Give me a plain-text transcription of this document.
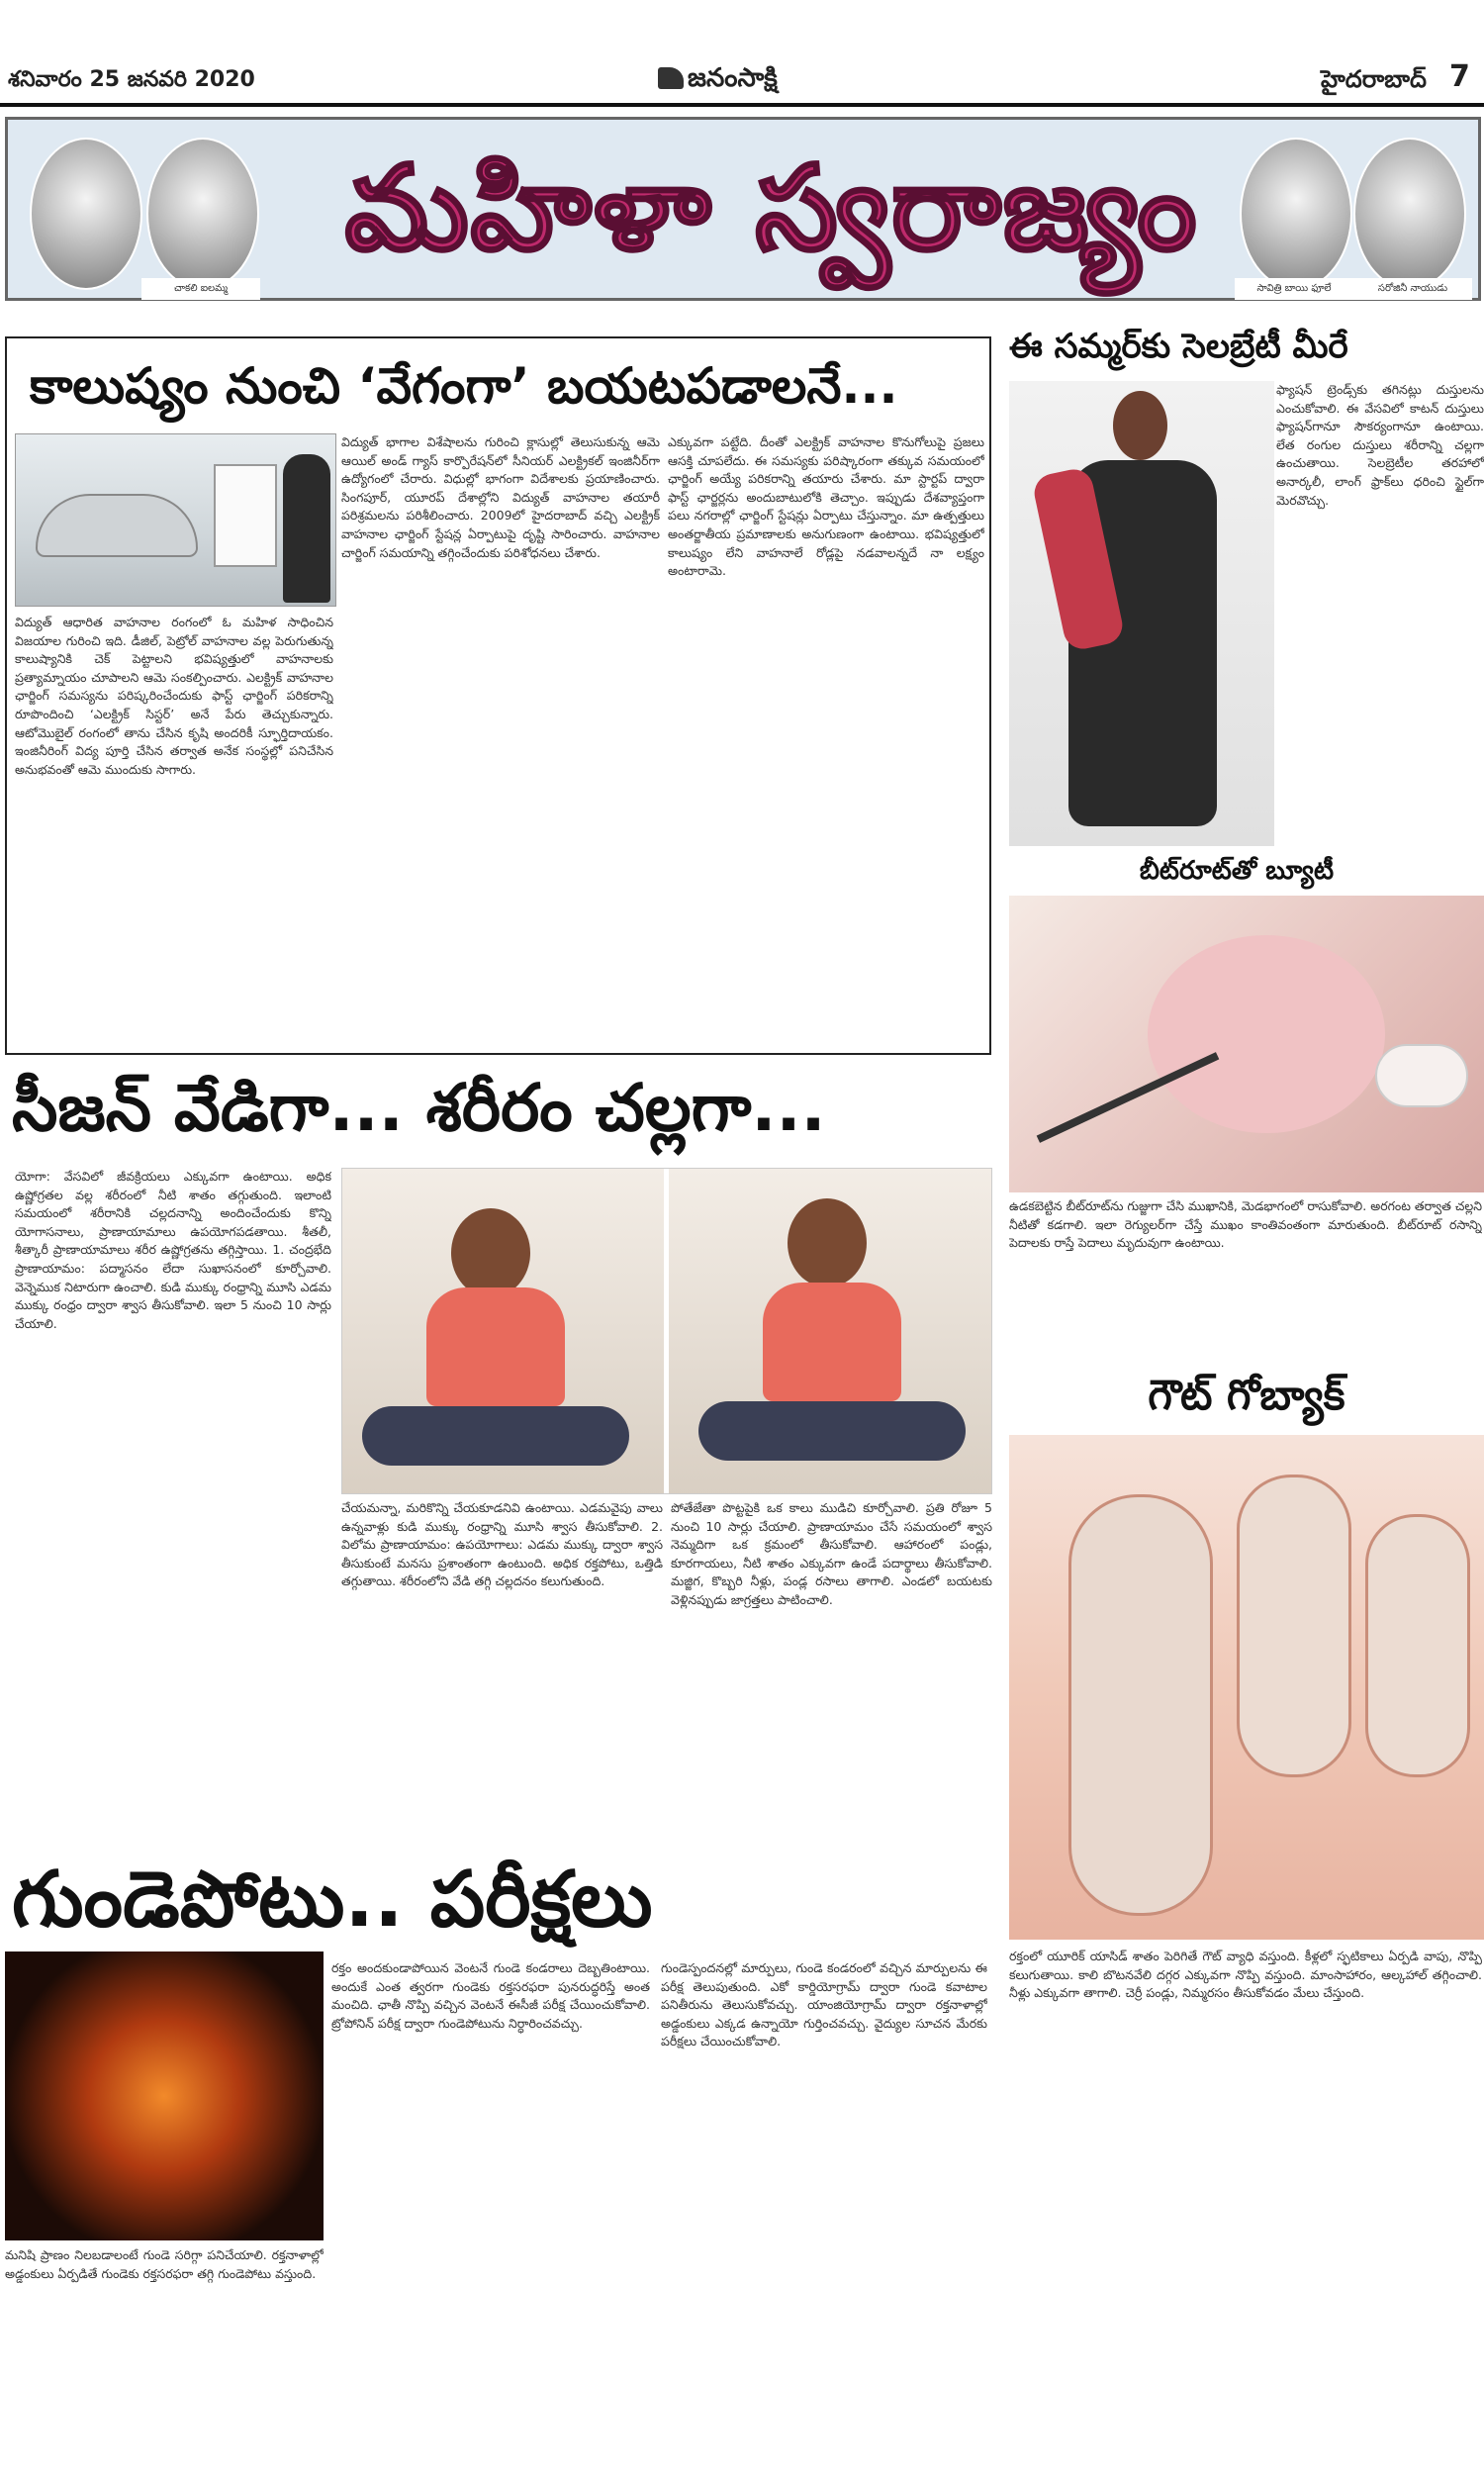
శనివారం 25 జనవరి 2020	జనంసాక్షి	హైదరాబాద్ 7
చాకలి ఐలమ్మ	సావిత్రి బాయి ఫూలే	సరోజినీ నాయుడు
మహిళా స్వరాజ్యం
కాలుష్యం నుంచి ‘వేగంగా’ బయటపడాలనే...
విద్యుత్ ఆధారిత వాహనాల రంగంలో ఓ మహిళ సాధించిన విజయాల గురించి ఇది. డీజిల్, పెట్రోల్ వాహనాల వల్ల పెరుగుతున్న కాలుష్యానికి చెక్ పెట్టాలని భవిష్యత్తులో వాహనాలకు ప్రత్యామ్నాయం చూపాలని ఆమె సంకల్పించారు. ఎలక్ట్రిక్ వాహనాల ఛార్జింగ్ సమస్యను పరిష్కరించేందుకు ఫాస్ట్ ఛార్జింగ్ పరికరాన్ని రూపొందించి ‘ఎలక్ట్రిక్ సిస్టర్’ అనే పేరు తెచ్చుకున్నారు. ఆటోమొబైల్ రంగంలో తాను చేసిన కృషి అందరికీ స్ఫూర్తిదాయకం. ఇంజినీరింగ్ విద్య పూర్తి చేసిన తర్వాత అనేక సంస్థల్లో పనిచేసిన అనుభవంతో ఆమె ముందుకు సాగారు.
విద్యుత్ భాగాల విశేషాలను గురించి క్లాసుల్లో తెలుసుకున్న ఆమె ఆయిల్ అండ్ గ్యాస్ కార్పొరేషన్‌లో సీనియర్ ఎలక్ట్రికల్ ఇంజినీర్‌గా ఉద్యోగంలో చేరారు. విధుల్లో భాగంగా విదేశాలకు ప్రయాణించారు. సింగపూర్, యూరప్ దేశాల్లోని విద్యుత్ వాహనాల తయారీ పరిశ్రమలను పరిశీలించారు. 2009లో హైదరాబాద్ వచ్చి ఎలక్ట్రిక్ వాహనాల ఛార్జింగ్ స్టేషన్ల ఏర్పాటుపై దృష్టి సారించారు. వాహనాల చార్జింగ్ సమయాన్ని తగ్గించేందుకు పరిశోధనలు చేశారు.
ఎక్కువగా పట్టేది. దీంతో ఎలక్ట్రిక్ వాహనాల కొనుగోలుపై ప్రజలు ఆసక్తి చూపలేదు. ఈ సమస్యకు పరిష్కారంగా తక్కువ సమయంలో ఛార్జింగ్ అయ్యే పరికరాన్ని తయారు చేశారు. మా స్టార్టప్ ద్వారా ఫాస్ట్ ఛార్జర్లను అందుబాటులోకి తెచ్చాం. ఇప్పుడు దేశవ్యాప్తంగా పలు నగరాల్లో ఛార్జింగ్ స్టేషన్లు ఏర్పాటు చేస్తున్నాం. మా ఉత్పత్తులు అంతర్జాతీయ ప్రమాణాలకు అనుగుణంగా ఉంటాయి. భవిష్యత్తులో కాలుష్యం లేని వాహనాలే రోడ్లపై నడవాలన్నదే నా లక్ష్యం అంటారామె.
సీజన్ వేడిగా... శరీరం చల్లగా...
యోగా: వేసవిలో జీవక్రియలు ఎక్కువగా ఉంటాయి. అధిక ఉష్ణోగ్రతల వల్ల శరీరంలో నీటి శాతం తగ్గుతుంది. ఇలాంటి సమయంలో శరీరానికి చల్లదనాన్ని అందించేందుకు కొన్ని యోగాసనాలు, ప్రాణాయామాలు ఉపయోగపడతాయి. శీతలీ, శీత్కారీ ప్రాణాయామాలు శరీర ఉష్ణోగ్రతను తగ్గిస్తాయి. 1. చంద్రభేది ప్రాణాయామం: పద్మాసనం లేదా సుఖాసనంలో కూర్చోవాలి. వెన్నెముక నిటారుగా ఉంచాలి. కుడి ముక్కు రంధ్రాన్ని మూసి ఎడమ ముక్కు రంధ్రం ద్వారా శ్వాస తీసుకోవాలి. ఇలా 5 నుంచి 10 సార్లు చేయాలి.
చేయమన్నా, మరికొన్ని చేయకూడనివి ఉంటాయి. ఎడమవైపు వాలు ఉన్నవాళ్లు కుడి ముక్కు రంధ్రాన్ని మూసి శ్వాస తీసుకోవాలి. 2. విలోమ ప్రాణాయామం: ఉపయోగాలు: ఎడమ ముక్కు ద్వారా శ్వాస తీసుకుంటే మనసు ప్రశాంతంగా ఉంటుంది. అధిక రక్తపోటు, ఒత్తిడి తగ్గుతాయి. శరీరంలోని వేడి తగ్గి చల్లదనం కలుగుతుంది.
పోతేజేతా పొట్టపైకి ఒక కాలు ముడిచి కూర్చోవాలి. ప్రతి రోజూ 5 నుంచి 10 సార్లు చేయాలి. ప్రాణాయామం చేసే సమయంలో శ్వాస నెమ్మదిగా ఒక క్రమంలో తీసుకోవాలి. ఆహారంలో పండ్లు, కూరగాయలు, నీటి శాతం ఎక్కువగా ఉండే పదార్థాలు తీసుకోవాలి. మజ్జిగ, కొబ్బరి నీళ్లు, పండ్ల రసాలు తాగాలి. ఎండలో బయటకు వెళ్లినప్పుడు జాగ్రత్తలు పాటించాలి.
గుండెపోటు.. పరీక్షలు
మనిషి ప్రాణం నిలబడాలంటే గుండె సరిగ్గా పనిచేయాలి. రక్తనాళాల్లో అడ్డంకులు ఏర్పడితే గుండెకు రక్తసరఫరా తగ్గి గుండెపోటు వస్తుంది.
రక్తం అందకుండాపోయిన వెంటనే గుండె కండరాలు దెబ్బతింటాయి. అందుకే ఎంత త్వరగా గుండెకు రక్తసరఫరా పునరుద్ధరిస్తే అంత మంచిది. ఛాతీ నొప్పి వచ్చిన వెంటనే ఈసీజీ పరీక్ష చేయించుకోవాలి. ట్రోపోనిన్ పరీక్ష ద్వారా గుండెపోటును నిర్ధారించవచ్చు.
గుండెస్పందనల్లో మార్పులు, గుండె కండరంలో వచ్చిన మార్పులను ఈ పరీక్ష తెలుపుతుంది. ఎకో కార్డియోగ్రామ్ ద్వారా గుండె కవాటాల పనితీరును తెలుసుకోవచ్చు. యాంజియోగ్రామ్ ద్వారా రక్తనాళాల్లో అడ్డంకులు ఎక్కడ ఉన్నాయో గుర్తించవచ్చు. వైద్యుల సూచన మేరకు పరీక్షలు చేయించుకోవాలి.
ఈ సమ్మర్‌కు సెలబ్రేటీ మీరే
ఫ్యాషన్ ట్రెండ్స్‌కు తగినట్లు దుస్తులను ఎంచుకోవాలి. ఈ వేసవిలో కాటన్ దుస్తులు ఫ్యాషన్‌గానూ సౌకర్యంగానూ ఉంటాయి. లేత రంగుల దుస్తులు శరీరాన్ని చల్లగా ఉంచుతాయి. సెలబ్రెటీల తరహాలో అనార్కలీ, లాంగ్ ఫ్రాక్‌లు ధరించి స్టైల్‌గా మెరవొచ్చు.
బీట్‌రూట్‌తో బ్యూటీ
ఉడకబెట్టిన బీట్‌రూట్‌ను గుజ్జుగా చేసి ముఖానికి, మెడభాగంలో రాసుకోవాలి. అరగంట తర్వాత చల్లని నీటితో కడగాలి. ఇలా రెగ్యులర్‌గా చేస్తే ముఖం కాంతివంతంగా మారుతుంది. బీట్‌రూట్ రసాన్ని పెదాలకు రాస్తే పెదాలు మృదువుగా ఉంటాయి.
గౌట్ గోబ్యాక్
రక్తంలో యూరిక్ యాసిడ్ శాతం పెరిగితే గౌట్ వ్యాధి వస్తుంది. కీళ్లలో స్ఫటికాలు ఏర్పడి వాపు, నొప్పి కలుగుతాయి. కాలి బొటనవేలి దగ్గర ఎక్కువగా నొప్పి వస్తుంది. మాంసాహారం, ఆల్కహాల్ తగ్గించాలి. నీళ్లు ఎక్కువగా తాగాలి. చెర్రీ పండ్లు, నిమ్మరసం తీసుకోవడం మేలు చేస్తుంది.
